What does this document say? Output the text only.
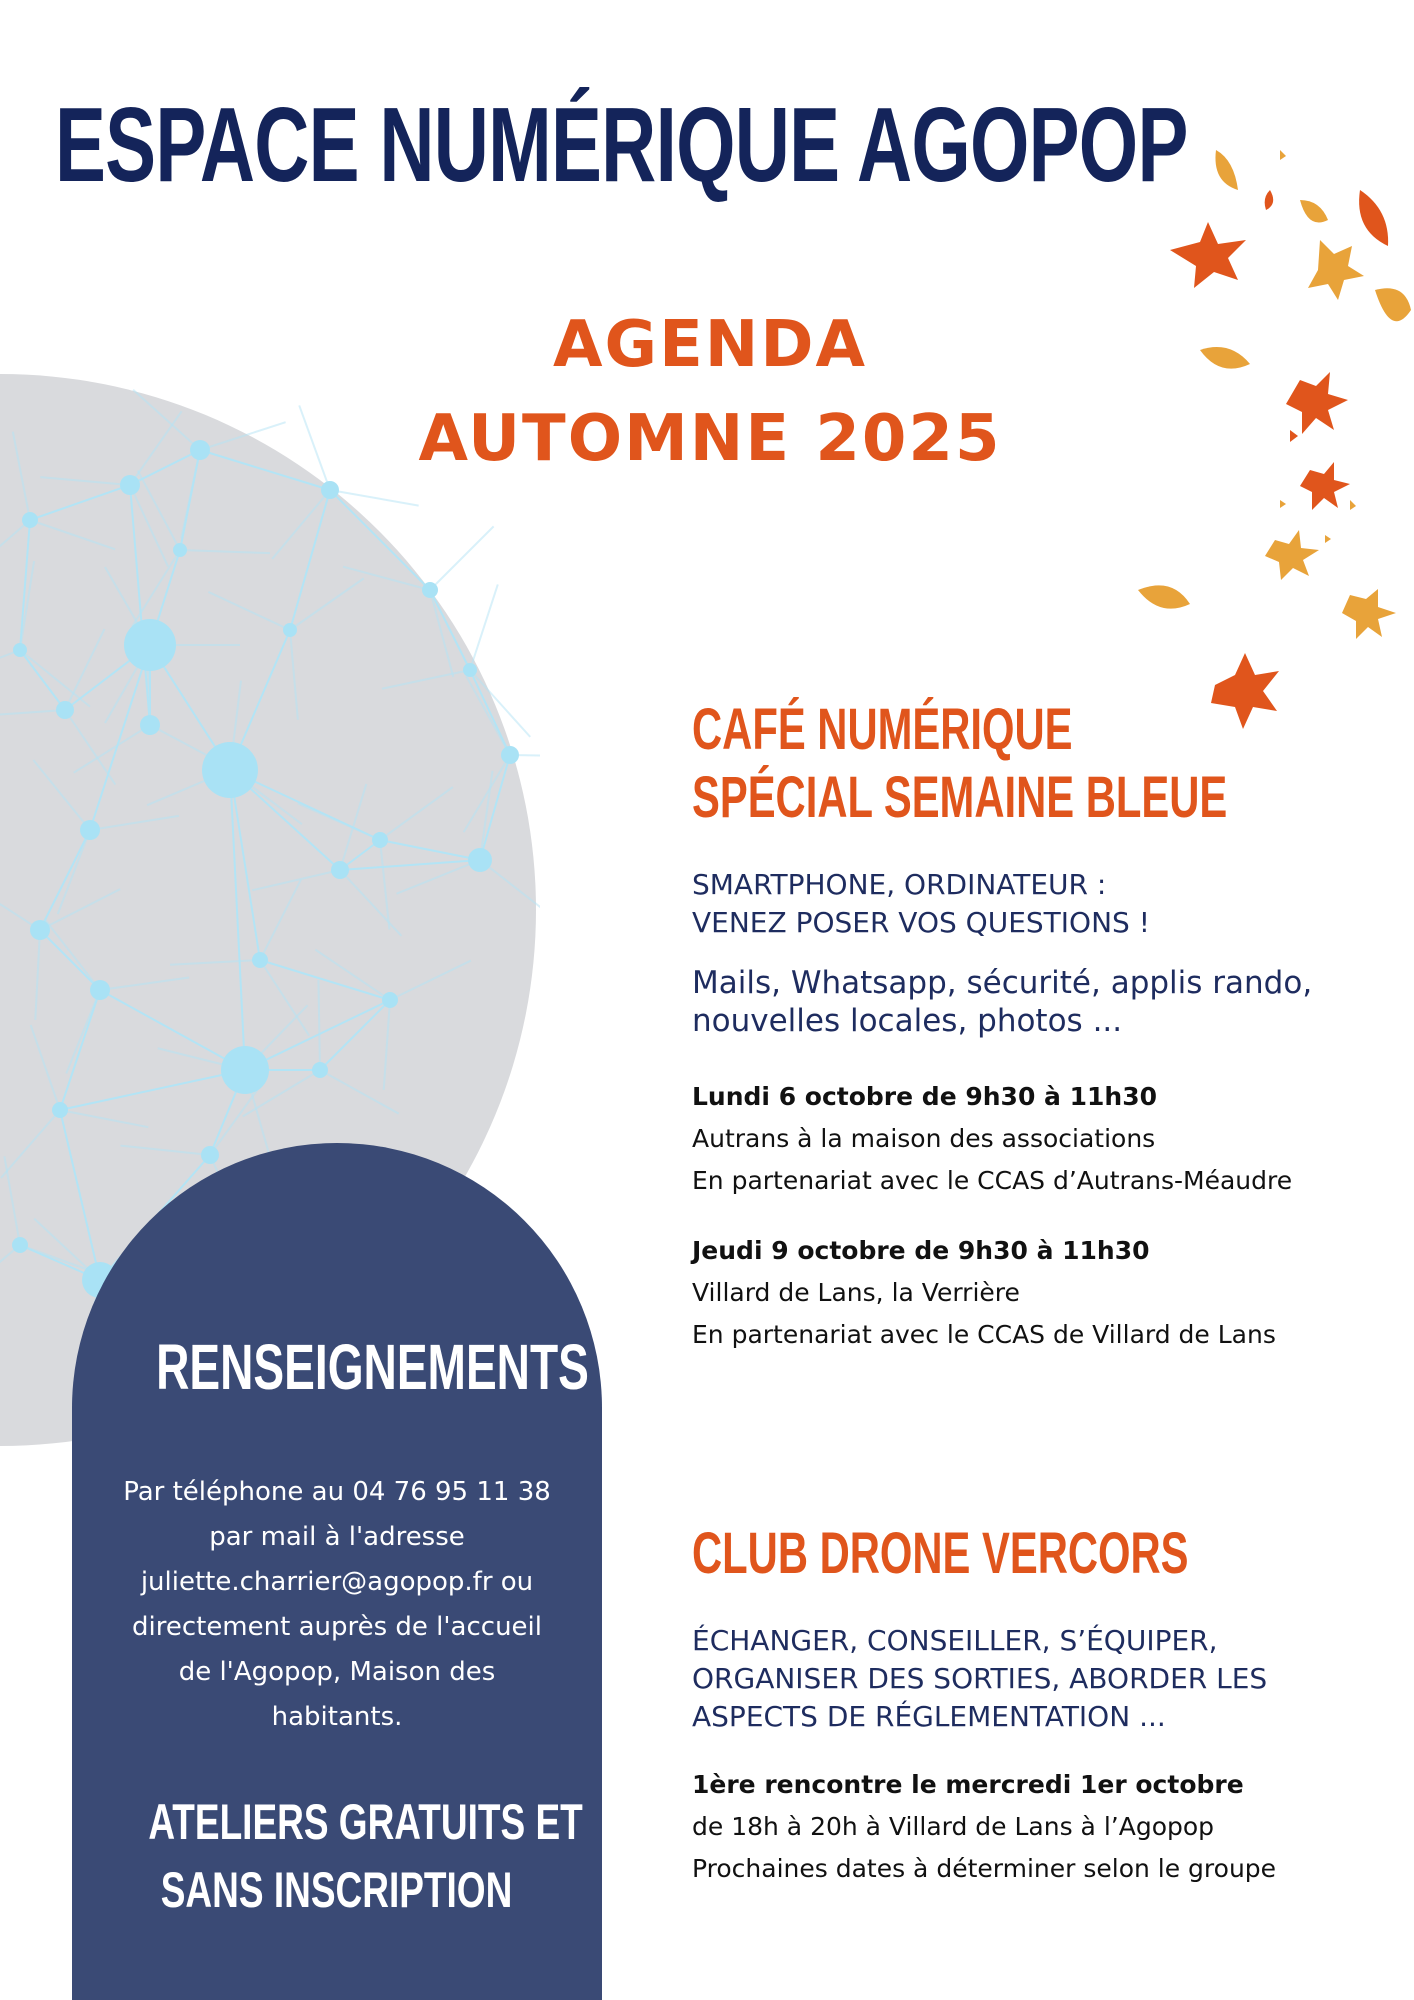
ESPACE NUMÉRIQUE AGOPOP
AGENDA
AUTOMNE 2025
CAFÉ NUMÉRIQUE
SPÉCIAL SEMAINE BLEUE
SMARTPHONE, ORDINATEUR :
VENEZ POSER VOS QUESTIONS !
Mails, Whatsapp, sécurité, applis rando,
nouvelles locales, photos ...
Lundi 6 octobre de 9h30 à 11h30
Autrans à la maison des associations
En partenariat avec le CCAS d’Autrans-Méaudre
Jeudi 9 octobre de 9h30 à 11h30
Villard de Lans, la Verrière
En partenariat avec le CCAS de Villard de Lans
CLUB DRONE VERCORS
ÉCHANGER, CONSEILLER, S’ÉQUIPER,
ORGANISER DES SORTIES, ABORDER LES
ASPECTS DE RÉGLEMENTATION ...
1ère rencontre le mercredi 1er octobre
de 18h à 20h à Villard de Lans à l’Agopop
Prochaines dates à déterminer selon le groupe
RENSEIGNEMENTS
Par téléphone au 04 76 95 11 38
par mail à l'adresse
juliette.charrier@agopop.fr ou
directement auprès de l'accueil
de l'Agopop, Maison des
habitants.
ATELIERS GRATUITS ET
SANS INSCRIPTION
